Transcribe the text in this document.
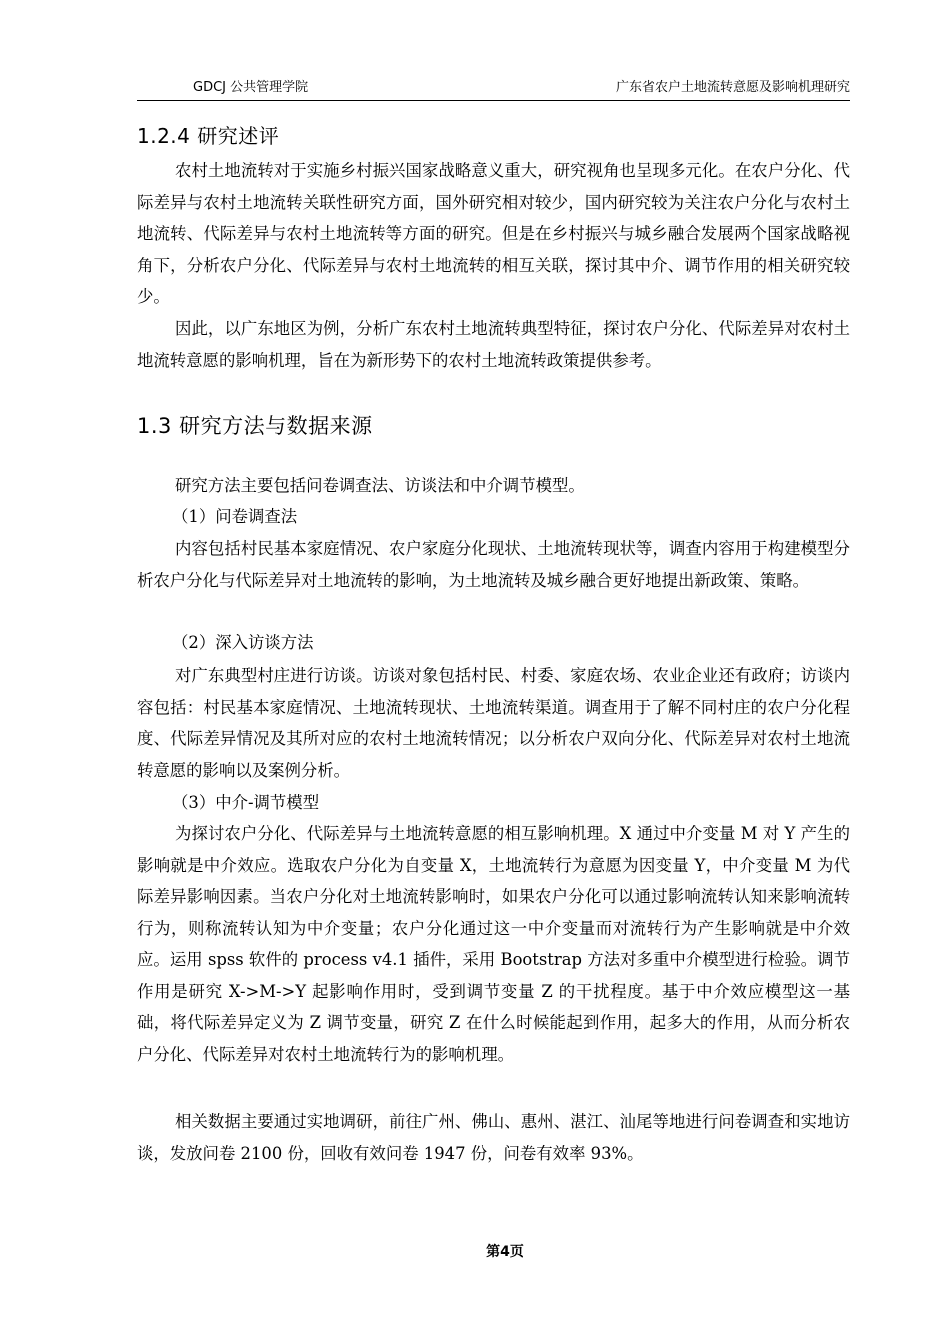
GDCJ 公共管理学院	广东省农户土地流转意愿及影响机理研究
1.2.4 研究述评

农村土地流转对于实施乡村振兴国家战略意义重大，研究视角也呈现多元化。在农户分化、代际差异与农村土地流转关联性研究方面，国外研究相对较少，国内研究较为关注农户分化与农村土地流转、代际差异与农村土地流转等方面的研究。但是在乡村振兴与城乡融合发展两个国家战略视角下，分析农户分化、代际差异与农村土地流转的相互关联，探讨其中介、调节作用的相关研究较少。

因此，以广东地区为例，分析广东农村土地流转典型特征，探讨农户分化、代际差异对农村土地流转意愿的影响机理，旨在为新形势下的农村土地流转政策提供参考。

1.3 研究方法与数据来源

研究方法主要包括问卷调查法、访谈法和中介调节模型。

（1）问卷调查法

内容包括村民基本家庭情况、农户家庭分化现状、土地流转现状等，调查内容用于构建模型分析农户分化与代际差异对土地流转的影响，为土地流转及城乡融合更好地提出新政策、策略。

（2）深入访谈方法

对广东典型村庄进行访谈。访谈对象包括村民、村委、家庭农场、农业企业还有政府；访谈内容包括：村民基本家庭情况、土地流转现状、土地流转渠道。调查用于了解不同村庄的农户分化程度、代际差异情况及其所对应的农村土地流转情况；以分析农户双向分化、代际差异对农村土地流转意愿的影响以及案例分析。

（3）中介-调节模型

为探讨农户分化、代际差异与土地流转意愿的相互影响机理。X 通过中介变量 M 对 Y 产生的影响就是中介效应。选取农户分化为自变量 X，土地流转行为意愿为因变量 Y，中介变量 M 为代际差异影响因素。当农户分化对土地流转影响时，如果农户分化可以通过影响流转认知来影响流转行为，则称流转认知为中介变量；农户分化通过这一中介变量而对流转行为产生影响就是中介效应。运用 spss 软件的 process v4.1 插件，采用 Bootstrap 方法对多重中介模型进行检验。调节作用是研究 X->M->Y 起影响作用时，受到调节变量 Z 的干扰程度。基于中介效应模型这一基础，将代际差异定义为 Z 调节变量，研究 Z 在什么时候能起到作用，起多大的作用，从而分析农户分化、代际差异对农村土地流转行为的影响机理。

相关数据主要通过实地调研，前往广州、佛山、惠州、湛江、汕尾等地进行问卷调查和实地访谈，发放问卷 2100 份，回收有效问卷 1947 份，问卷有效率 93%。

第4页
